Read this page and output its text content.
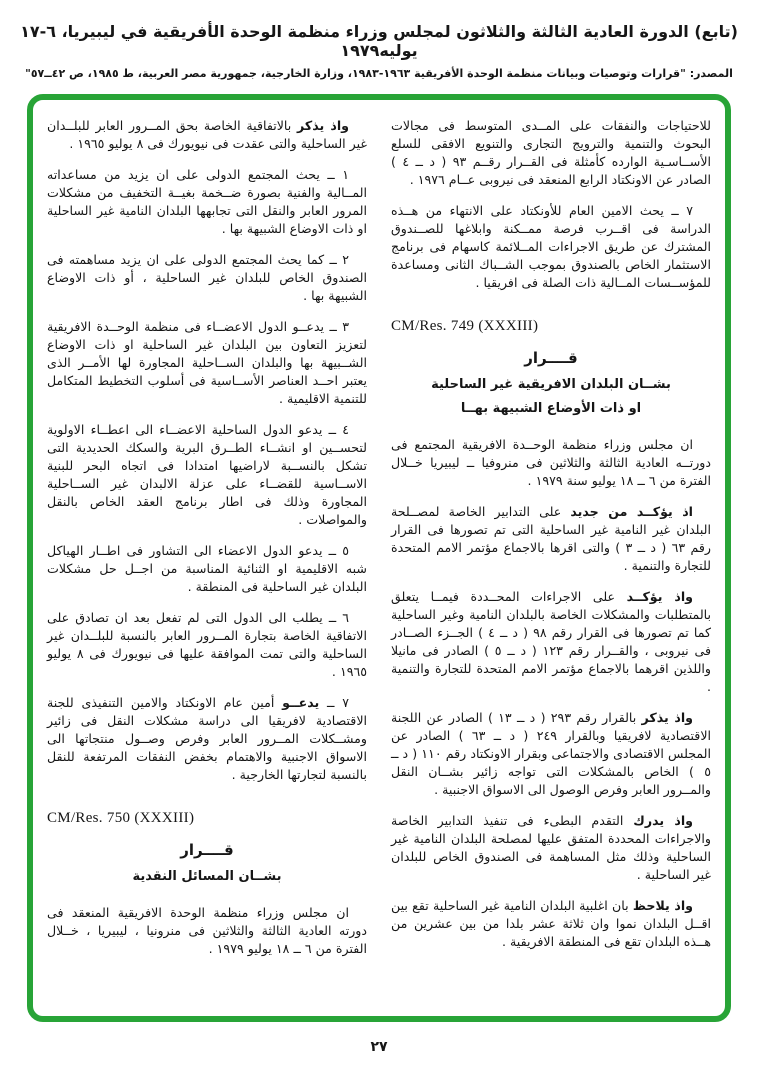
(تابع) الدورة العادية الثالثة والثلاثون لمجلس وزراء منظمة الوحدة الأفريقية في ليبيريا، ٦-١٧ يوليه١٩٧٩
المصدر: "قرارات وتوصيات وبيانات منظمة الوحدة الأفريقية ١٩٦٣-١٩٨٣، وزارة الخارجية، جمهورية مصر العربية، ط ١٩٨٥، ص ٤٢ــ٥٧"

للاحتياجات والنفقات على المــدى المتوسط فى مجالات البحوث والتنمية والترويج التجارى والتنويع الافقى للسلع الأســاسـية الوارده كأمثلة فى القــرار رقــم ٩٣ ( د ــ ٤ ) الصادر عن الاونكتاد الرابع المنعقد فى نيروبى عــام ١٩٧٦ .

٧ ــ يحث الامين العام للأونكتاد على الانتهاء من هــذه الدراسة فى اقــرب فرصة ممــكنة وابلاغها للصــندوق المشترك عن طريق الاجراءات المــلائمة كاسهام فى برنامج الاستثمار الخاص بالصندوق بموجب الشــباك الثانى ومساعدة للمؤســسات المــالية ذات الصلة فى افريقيا .

CM/Res. 749 (XXXIII)
قــــرار
بشــان البلدان الافريقية غير الساحلية
او ذات الأوضاع الشبيهة بهــا

ان مجلس وزراء منظمة الوحــدة الافريقية المجتمع فى دورتــه العادية الثالثة والثلاثين فى منروفيا ــ ليبيريا خــلال الفترة من ٦ ــ ١٨ يوليو سنة ١٩٧٩ .

اذ يؤكــد من جديد على التدابير الخاصة لمصــلحة البلدان غير النامية غير الساحلية التى تم تصورها فى القرار رقم ٦٣ ( د ــ ٣ ) والتى اقرها بالاجماع مؤتمر الامم المتحدة للتجارة والتنمية .

واذ يؤكــد على الاجراءات المحــددة فيمــا يتعلق بالمتطلبات والمشكلات الخاصة بالبلدان النامية وغير الساحلية كما تم تصورها فى القرار رقم ٩٨ ( د ــ ٤ ) الجــزء الصــادر فى نيروبى ، والقــرار رقم ١٢٣ ( د ــ ٥ ) الصادر فى مانيلا واللذين اقرهما بالاجماع مؤتمر الامم المتحدة للتجارة والتنمية .

واذ يذكر بالقرار رقم ٢٩٣ ( د ــ ١٣ ) الصادر عن اللجنة الاقتصادية لافريقيا وبالقرار ٢٤٩ ( د ــ ٦٣ ) الصادر عن المجلس الاقتصادى والاجتماعى وبقرار الاونكتاد رقم ١١٠ ( د ــ ٥ ) الخاص بالمشكلات التى تواجه زائير بشــان النقل والمــرور العابر وفرص الوصول الى الاسواق الاجنبية .

واذ يدرك التقدم البطىء فى تنفيذ التدابير الخاصة والاجراءات المحددة المتفق عليها لمصلحة البلدان النامية غير الساحلية وذلك مثل المساهمة فى الصندوق الخاص للبلدان غير الساحلية .

واذ يلاحظ بان اغلبية البلدان النامية غير الساحلية تقع بين اقــل البلدان نموا وان ثلاثة عشر بلدا من بين عشرين من هــذه البلدان تقع فى المنطقة الافريقية .

واذ يذكر بالاتفاقية الخاصة بحق المــرور العابر للبلــدان غير الساحلية والتى عقدت فى نيويورك فى ٨ يوليو ١٩٦٥ .

١ ــ يحث المجتمع الدولى على ان يزيد من مساعداته المــالية والفنية بصورة ضــخمة بغيــة التخفيف من مشكلات المرور العابر والنقل التى تجابهها البلدان النامية غير الساحلية او ذات الاوضاع الشبيهة بها .

٢ ــ كما يحث المجتمع الدولى على ان يزيد مساهمته فى الصندوق الخاص للبلدان غير الساحلية ، أو ذات الاوضاع الشبيهة بها .

٣ ــ يدعــو الدول الاعضــاء فى منظمة الوحــدة الافريقية لتعزيز التعاون بين البلدان غير الساحلية او ذات الاوضاع الشــبيهة بها والبلدان الســاحلية المجاورة لها الأمــر الذى يعتبر احــد العناصر الأســاسية فى أسلوب التخطيط المتكامل للتنمية الاقليمية .

٤ ــ يدعو الدول الساحلية الاعضــاء الى اعطــاء الاولوية لتحســين او انشــاء الطــرق البرية والسكك الحديدية التى تشكل بالنســبة لاراضيها امتدادا فى اتجاه البحر للبنية الاســاسية للقضــاء على عزلة الالبدان غير الســاحلية المجاورة وذلك فى اطار برنامج العقد الخاص بالنقل والمواصلات .

٥ ــ يدعو الدول الاعضاء الى التشاور فى اطــار الهياكل شبه الاقليمية او الثنائية المناسبة من اجــل حل مشكلات البلدان غير الساحلية فى المنطقة .

٦ ــ يطلب الى الدول التى لم تفعل بعد ان تصادق على الاتفاقية الخاصة بتجارة المــرور العابر بالنسبة للبلــدان غير الساحلية والتى تمت الموافقة عليها فى نيويورك فى ٨ يوليو ١٩٦٥ .

٧ ــ يدعــو أمين عام الاونكتاد والامين التنفيذى للجنة الاقتصادية لافريقيا الى دراسة مشكلات النقل فى زائير ومشــكلات المــرور العابر وفرص وصــول منتجاتها الى الاسواق الاجنبية والاهتمام بخفض النفقات المرتفعة للنقل بالنسبة لتجارتها الخارجية .

CM/Res. 750 (XXXIII)
قــــرار
بشــان المسائل النقدية

ان مجلس وزراء منظمة الوحدة الافريقية المنعقد فى دورته العادية الثالثة والثلاثين فى منرونيا ، ليبيريا ، خــلال الفترة من ٦ ــ ١٨ يوليو ١٩٧٩ .

٢٧
